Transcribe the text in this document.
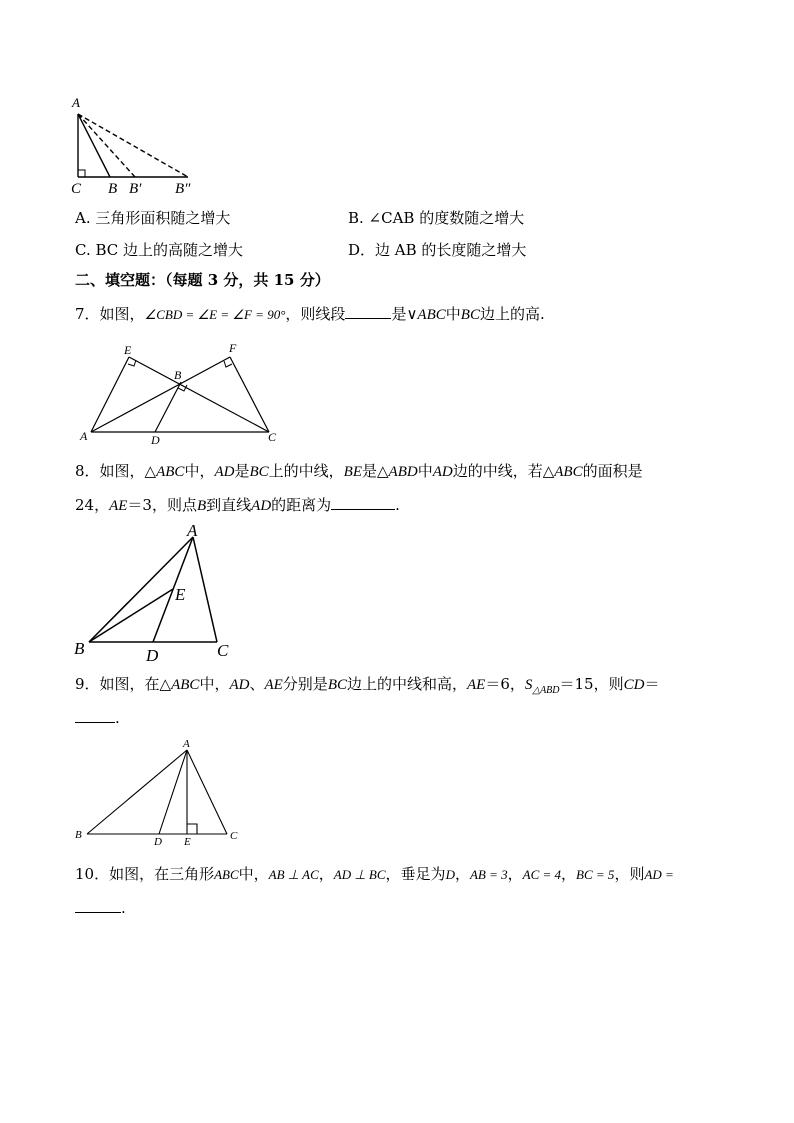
A
C B B′ B″
A. 三角形面积随之增大	B. ∠CAB 的度数随之增大
C. BC 边上的高随之增大	D．边 AB 的长度随之增大
二、填空题：（每题 3 分，共 15 分）
7．如图，∠CBD = ∠E = ∠F = 90°，则线段	是∨ABC中BC边上的高.
E	F
B
A	D	C
8．如图，△ABC中，AD是BC上的中线，BE是△ABD中AD边的中线，若△ABC的面积是
24，AE＝3，则点B到直线AD的距离为	.
A
E
B	D	C
9．如图，在△ABC中，AD、AE分别是BC边上的中线和高，AE＝6，$S_{\triangle ABD}=15$，则CD＝
.
A
B
D E	C
10．如图，在三角形ABC中，AB ⊥ AC，AD ⊥ BC，垂足为D，AB = 3，AC = 4，BC = 5，则AD =
.
